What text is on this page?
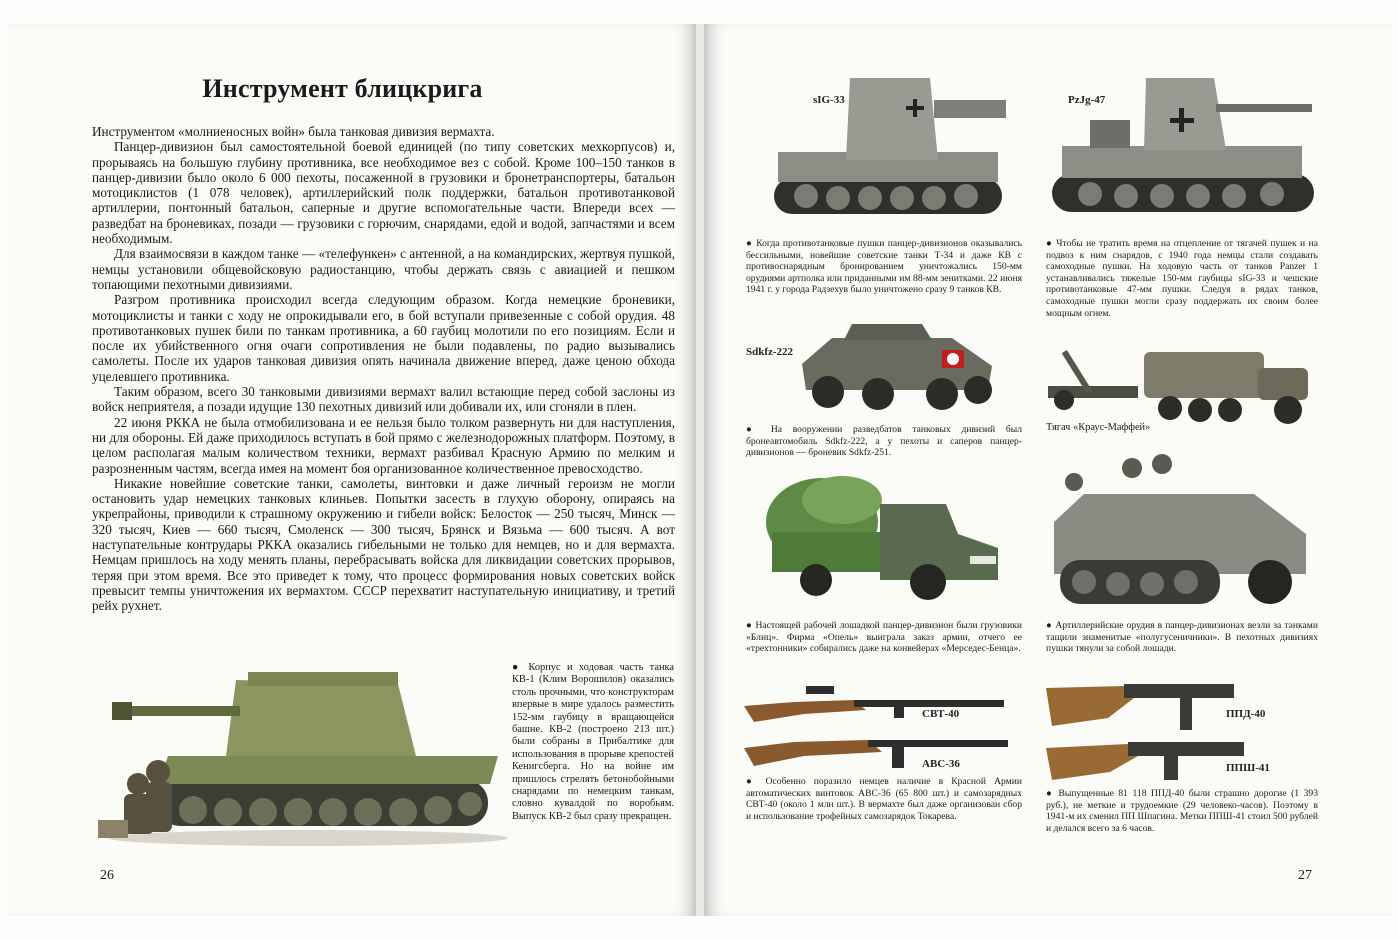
Инструмент блицкрига

Инструментом «молниеносных войн» была танковая дивизия вермахта.

Панцер-дивизион был самостоятельной боевой единицей (по типу советских мехкорпусов) и, прорываясь на большую глубину противника, все необходимое вез с собой. Кроме 100–150 танков в панцер-дивизии было около 6 000 пехоты, посаженной в грузовики и бронетранспортеры, батальон мотоциклистов (1 078 человек), артиллерийский полк поддержки, батальон противотанковой артиллерии, понтонный батальон, саперные и другие вспомогательные части. Впереди всех — разведбат на броневиках, позади — грузовики с горючим, снарядами, едой и водой, запчастями и всем необходимым.

Для взаимосвязи в каждом танке — «телефункен» с антенной, а на командирских, жертвуя пушкой, немцы установили общевойсковую радиостанцию, чтобы держать связь с авиацией и пешком топающими пехотными дивизиями.

Разгром противника происходил всегда следующим образом. Когда немецкие броневики, мотоциклисты и танки с ходу не опрокидывали его, в бой вступали привезенные с собой орудия. 48 противотанковых пушек били по танкам противника, а 60 гаубиц молотили по его позициям. Если и после их убийственного огня очаги сопротивления не были подавлены, по радио вызывались самолеты. После их ударов танковая дивизия опять начинала движение вперед, даже ценою обхода уцелевшего противника.

Таким образом, всего 30 танковыми дивизиями вермахт валил встающие перед собой заслоны из войск неприятеля, а позади идущие 130 пехотных дивизий или добивали их, или сгоняли в плен.

22 июня РККА не была отмобилизована и ее нельзя было толком развернуть ни для наступления, ни для обороны. Ей даже приходилось вступать в бой прямо с железнодорожных платформ. Поэтому, в целом располагая малым количеством техники, вермахт разбивал Красную Армию по мелким и разрозненным частям, всегда имея на момент боя организованное количественное превосходство.

Никакие новейшие советские танки, самолеты, винтовки и даже личный героизм не могли остановить удар немецких танковых клиньев. Попытки засесть в глухую оборону, опираясь на укрепрайоны, приводили к страшному окружению и гибели войск: Белосток — 250 тысяч, Минск — 320 тысяч, Киев — 660 тысяч, Смоленск — 300 тысяч, Брянск и Вязьма — 600 тысяч. А вот наступательные контрудары РККА оказались гибельными не только для немцев, но и для вермахта. Немцам пришлось на ходу менять планы, перебрасывать войска для ликвидации советских прорывов, теряя при этом время. Все это приведет к тому, что процесс формирования новых советских войск превысит темпы уничтожения их вермахтом. СССР перехватит наступательную инициативу, и третий рейх рухнет.

● Корпус и ходовая часть танка КВ-1 (Клим Ворошилов) оказались столь прочными, что конструкторам впервые в мире удалось разместить 152-мм гаубицу в вращающейся башне. КВ-2 (построено 213 шт.) были собраны в Прибалтике для использования в прорыве крепостей Кенигсберга. Но на войне им пришлось стрелять бетонобойными снарядами по немецким танкам, словно кувалдой по воробьям. Выпуск КВ-2 был сразу прекращен.
26
sIG-33	PzJg-47
● Когда противотанковые пушки панцер-дивизионов оказывались бессильными, новейшие советские танки Т-34 и даже КВ с противоснарядным бронированием уничтожались 150-мм орудиями артполка или приданными им 88-мм зенитками. 22 июня 1941 г. у города Радзехув было уничтожено сразу 9 танков КВ.
● Чтобы не тратить время на отцепление от тягачей пушек и на подвоз к ним снарядов, с 1940 года немцы стали создавать самоходные пушки. На ходовую часть от танков Panzer 1 устанавливались тяжелые 150-мм гаубицы sIG-33 и чешские противотанковые 47-мм пушки. Следуя в рядах танков, самоходные пушки могли сразу поддержать их своим более мощным огнем.
Sdkfz-222
Тягач «Краус-Маффей»
● На вооружении разведбатов танковых дивизий был бронеавтомобиль Sdkfz-222, а у пехоты и саперов панцер-дивизионов — броневик Sdkfz-251.
● Настоящей рабочей лошадкой панцер-дивизион были грузовики «Блиц». Фирма «Опель» выиграла заказ армии, отчего ее «трехтонники» собирались даже на конвейерах «Мерседес-Бенца».
● Артиллерийские орудия в панцер-дивизионах везли за танками тащили знаменитые «полугусеничники». В пехотных дивизиях пушки тянули за собой лошади.
СВТ-40
АВС-36
ППД-40
ППШ-41
● Особенно поразило немцев наличие в Красной Армии автоматических винтовок АВС-36 (65 800 шт.) и самозарядных СВТ-40 (около 1 млн шт.). В вермахте был даже организован сбор и использование трофейных самозарядок Токарева.
● Выпущенные 81 118 ППД-40 были страшно дорогие (1 393 руб.), не меткие и трудоемкие (29 человеко-часов). Поэтому в 1941-м их сменил ПП Шпагина. Метки ППШ-41 стоил 500 рублей и делался всего за 6 часов.
27
